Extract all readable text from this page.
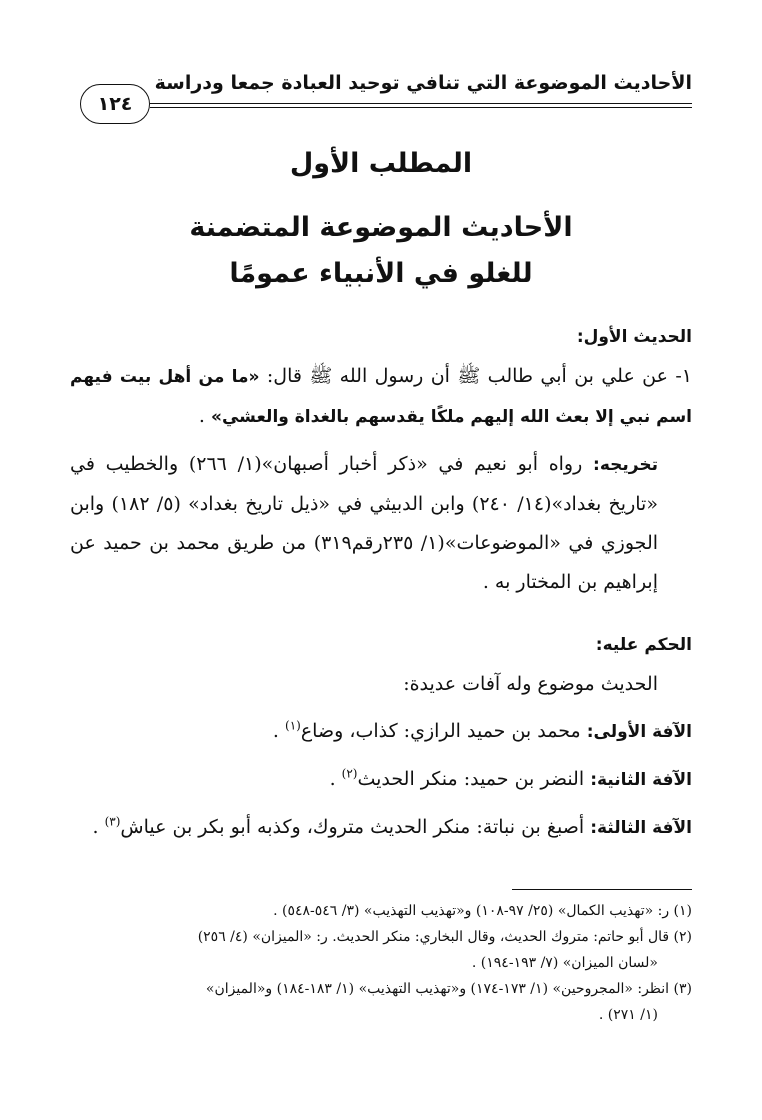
الأحاديث الموضوعة التي تنافي توحيد العبادة جمعا ودراسة
١٢٤
المطلب الأول
الأحاديث الموضوعة المتضمنة
للغلو في الأنبياء عمومًا

الحديث الأول:

١- عن علي بن أبي طالب ﷺ أن رسول الله ﷺ قال: «ما من أهل بيت فيهم اسم نبي إلا بعث الله إليهم ملكًا يقدسهم بالغداة والعشي» .

تخريجه: رواه أبو نعيم في «ذكر أخبار أصبهان»(١/ ٢٦٦) والخطيب في «تاريخ بغداد»(١٤/ ٢٤٠) وابن الدبيثي في «ذيل تاريخ بغداد» (٥/ ١٨٢) وابن الجوزي في «الموضوعات»(١/ ٢٣٥رقم٣١٩) من طريق محمد بن حميد عن إبراهيم بن المختار به .

الحكم عليه:

الحديث موضوع وله آفات عديدة:

الآفة الأولى: محمد بن حميد الرازي: كذاب، وضاع$^{(١)}$ .

الآفة الثانية: النضر بن حميد: منكر الحديث$^{(٢)}$ .

الآفة الثالثة: أصبغ بن نباتة: منكر الحديث متروك، وكذبه أبو بكر بن عياش$^{(٣)}$ .

(١) ر: «تهذيب الكمال» (٢٥/ ٩٧-١٠٨) و«تهذيب التهذيب» (٣/ ٥٤٦-٥٤٨) .

(٢) قال أبو حاتم: متروك الحديث، وقال البخاري: منكر الحديث. ر: «الميزان» (٤/ ٢٥٦)

«لسان الميزان» (٧/ ١٩٣-١٩٤) .

(٣) انظر: «المجروحين» (١/ ١٧٣-١٧٤) و«تهذيب التهذيب» (١/ ١٨٣-١٨٤) و«الميزان»

(١/ ٢٧١) .
